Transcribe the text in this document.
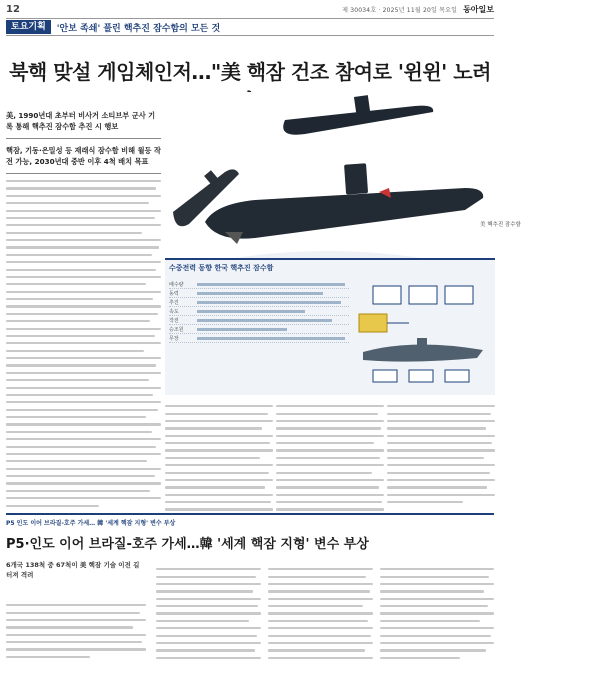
12	제 30034호 · 2025년 11월 20일 목요일 동아일보
토요기획	'안보 족쇄' 풀린 핵추진 잠수함의 모든 것
북핵 맞설 게임체인저…"美 핵잠 건조 참여로 '윈윈' 노려
美, 1990년대 초부터 비사거 소티브부 군사 기록 통해 핵추진 잠수함 추진 시 행보
핵잠, 기동·은밀성 등 재래식 잠수함 비해 월등 작전 가능, 2030년대 중반 이후 4척 배치 목표
美 핵추진 잠수함
수중전력 동향 한국 핵추진 잠수함
배수량
동력
추진
속도
작전
승조원
무장
P5 인도 이어 브라질-호주 가세… 韓 '세계 핵잠 지형' 변수 부상
P5·인도 이어 브라질-호주 가세…韓 '세계 핵잠 지형' 변수 부상
6개국 138척 중 67척이 美 핵잠 기술 이전 길 터져 격려
